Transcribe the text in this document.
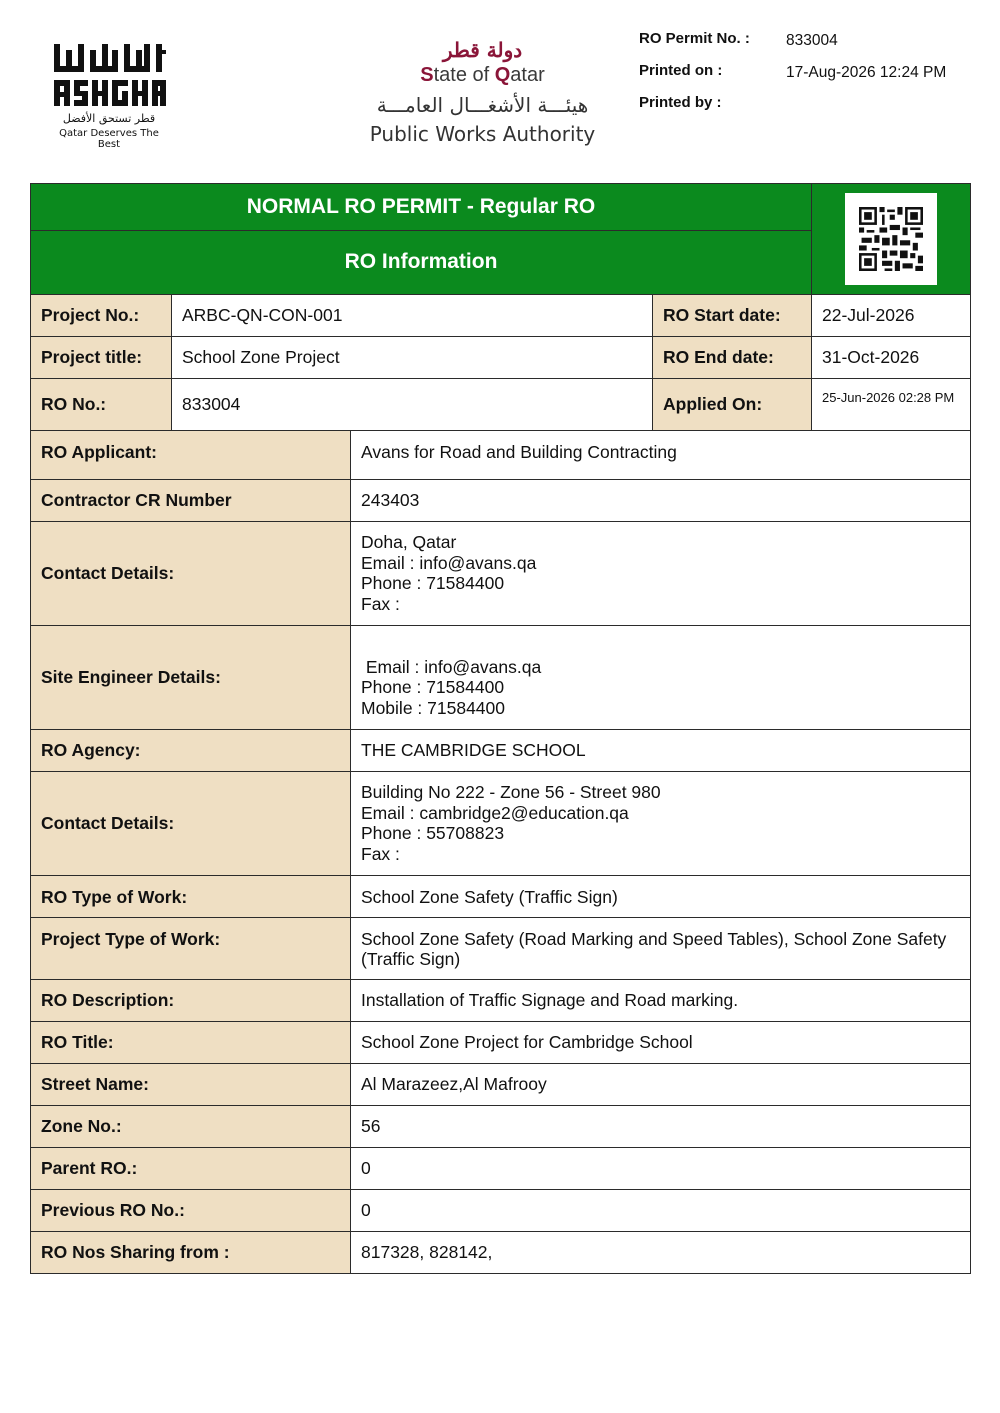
قطر تستحق الأفضل
Qatar Deserves The Best
دولة قطر
State of Qatar
هيئـــة الأشغـــال العامـــة
Public Works Authority
RO Permit No. : 833004
Printed on :	17-Aug-2026 12:24 PM
Printed by :
NORMAL RO PERMIT - Regular RO	

RO Information			
Project No.:	ARBC-QN-CON-001	RO Start date:	22-Jul-2026
Project title:	School Zone Project	RO End date:	31-Oct-2026
RO No.:	833004	Applied On:	25-Jun-2026 02:28 PM
RO Applicant:	Avans for Road and Building Contracting

Contractor CR Number	243403

Contact Details:	Doha, Qatar
Email : info@avans.qa
Phone : 71584400
Fax :

Site Engineer Details:	Email : info@avans.qa
Phone : 71584400
Mobile : 71584400

RO Agency:	THE CAMBRIDGE SCHOOL

Contact Details:	Building No 222 - Zone 56 - Street 980
Email : cambridge2@education.qa
Phone : 55708823
Fax :

RO Type of Work:	School Zone Safety (Traffic Sign)

Project Type of Work:	School Zone Safety (Road Marking and Speed Tables), School Zone Safety (Traffic Sign)

RO Description:	Installation of Traffic Signage and Road marking.

RO Title:	School Zone Project for Cambridge School

Street Name:	Al Marazeez,Al Mafrooy

Zone No.:	56

Parent RO.:	0

Previous RO No.:	0

RO Nos Sharing from :	817328, 828142,
